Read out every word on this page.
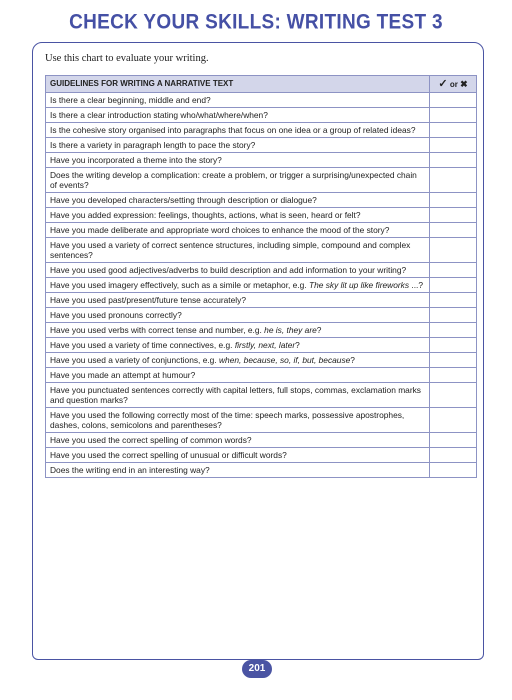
CHECK YOUR SKILLS: WRITING TEST 3
Use this chart to evaluate your writing.
GUIDELINES FOR WRITING A NARRATIVE TEXT	✓ or ✖
Is there a clear beginning, middle and end?	
Is there a clear introduction stating who/what/where/when?	
Is the cohesive story organised into paragraphs that focus on one idea or a group of related ideas?	
Is there a variety in paragraph length to pace the story?	
Have you incorporated a theme into the story?	
Does the writing develop a complication: create a problem, or trigger a surprising/unexpected chain of events?	
Have you developed characters/setting through description or dialogue?	
Have you added expression: feelings, thoughts, actions, what is seen, heard or felt?	
Have you made deliberate and appropriate word choices to enhance the mood of the story?	
Have you used a variety of correct sentence structures, including simple, compound and complex sentences?	
Have you used good adjectives/adverbs to build description and add information to your writing?	
Have you used imagery effectively, such as a simile or metaphor, e.g. The sky lit up like fireworks ...?	
Have you used past/present/future tense accurately?	
Have you used pronouns correctly?	
Have you used verbs with correct tense and number, e.g. he is, they are?	
Have you used a variety of time connectives, e.g. firstly, next, later?	
Have you used a variety of conjunctions, e.g. when, because, so, if, but, because?	
Have you made an attempt at humour?	
Have you punctuated sentences correctly with capital letters, full stops, commas, exclamation marks and question marks?	
Have you used the following correctly most of the time: speech marks, possessive apostrophes, dashes, colons, semicolons and parentheses?	
Have you used the correct spelling of common words?	
Have you used the correct spelling of unusual or difficult words?	
Does the writing end in an interesting way?	
201
